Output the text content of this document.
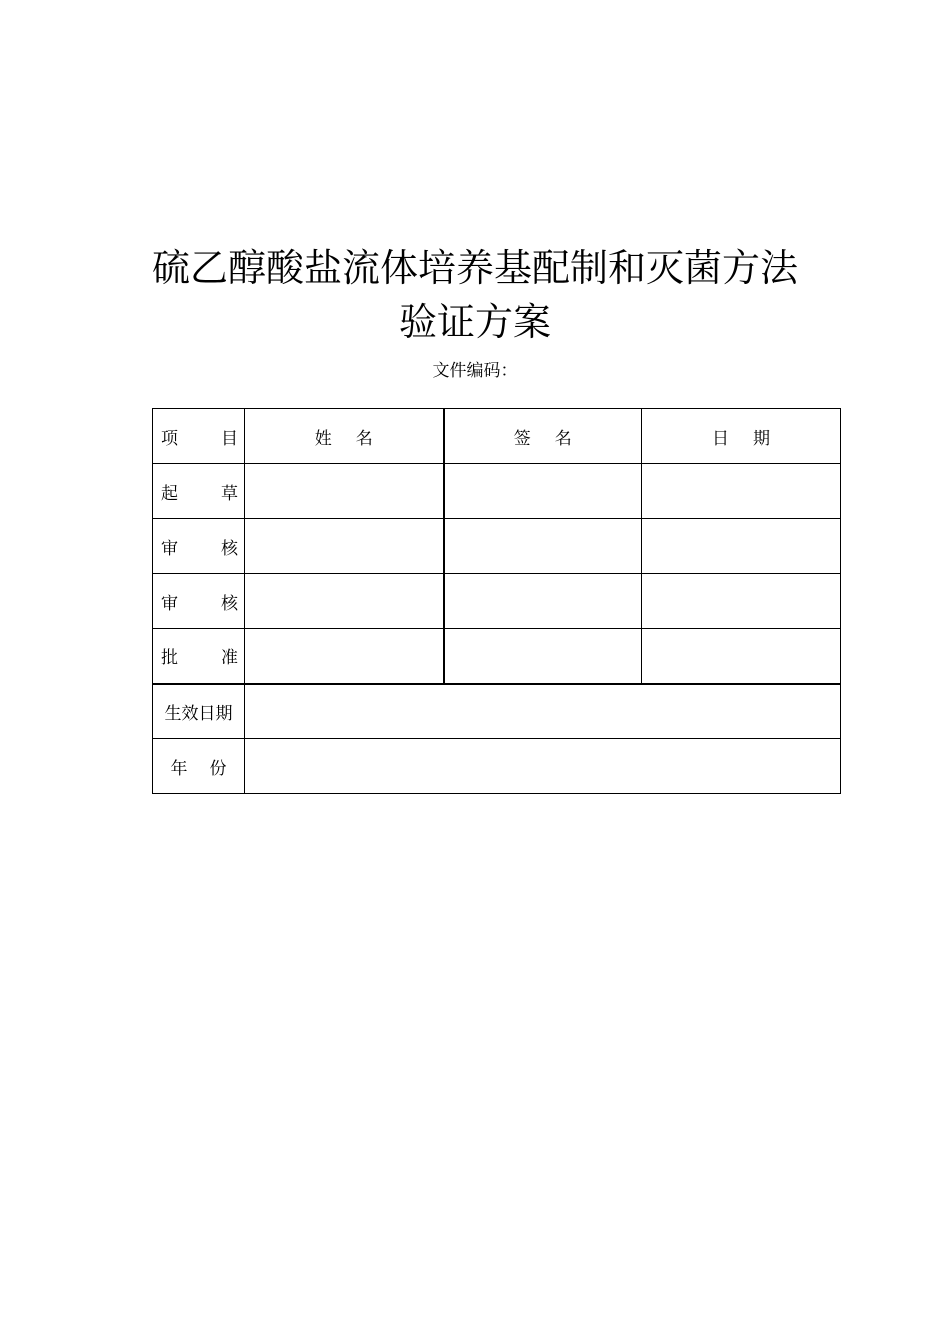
硫乙醇酸盐流体培养基配制和灭菌方法
验证方案
文件编码：
项 目	姓 名	签 名	日 期

起 草			

审 核			

审 核			

批 准			

生效日期			

年 份			
